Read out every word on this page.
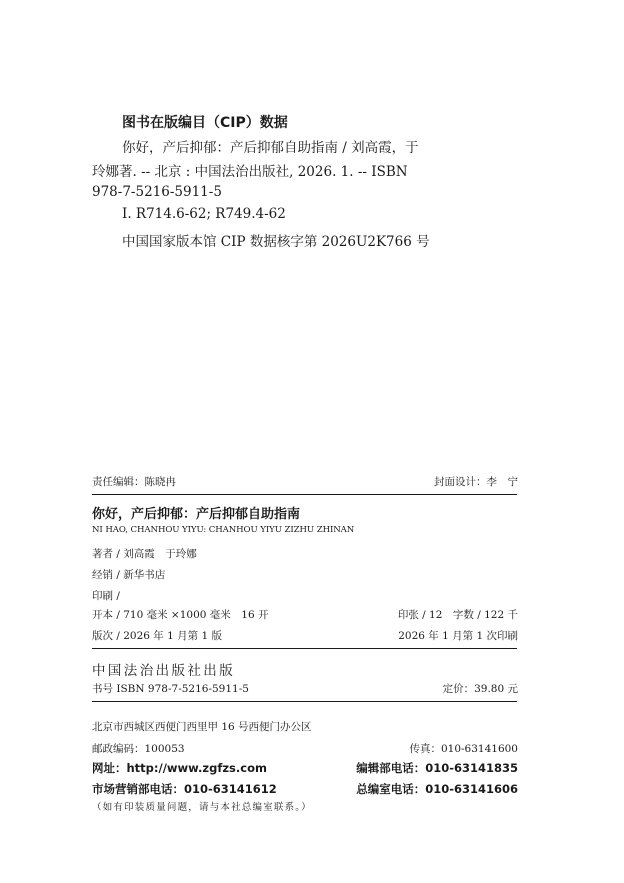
图书在版编目（CIP）数据
你好，产后抑郁：产后抑郁自助指南 / 刘高霞，于
玲娜著. -- 北京 : 中国法治出版社, 2026. 1. -- ISBN
978-7-5216-5911-5
Ⅰ. R714.6-62; R749.4-62
中国国家版本馆 CIP 数据核字第 2026U2K766 号
责任编辑：陈晓冉	封面设计：李　宁
你好，产后抑郁：产后抑郁自助指南
NI HAO, CHANHOU YIYU: CHANHOU YIYU ZIZHU ZHINAN
著者 / 刘高霞　于玲娜
经销 / 新华书店
印刷 /
开本 / 710 毫米 ×1000 毫米　16 开	印张 / 12　字数 / 122 千
版次 / 2026 年 1 月第 1 版	2026 年 1 月第 1 次印刷
中国法治出版社出版
书号 ISBN 978-7-5216-5911-5	定价：39.80 元
北京市西城区西便门西里甲 16 号西便门办公区
邮政编码：100053	传真：010-63141600
网址：http://www.zgfzs.com	编辑部电话：010-63141835
市场营销部电话：010-63141612	总编室电话：010-63141606
（如有印装质量问题，请与本社总编室联系。）
